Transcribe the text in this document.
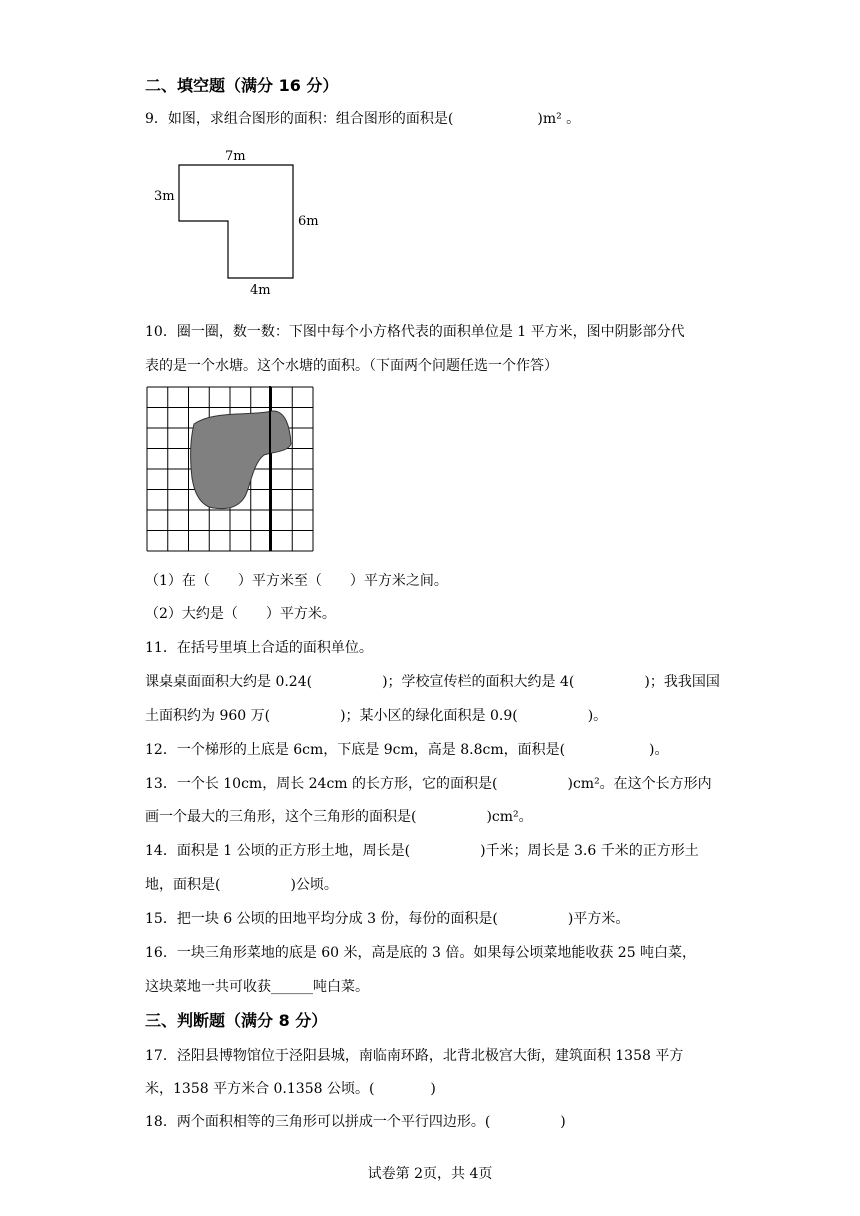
二、填空题（满分 16 分）
9．如图，求组合图形的面积：组合图形的面积是(　　　　　　)m² 。
7m
3m
6m
4m
10．圈一圈，数一数：下图中每个小方格代表的面积单位是 1 平方米，图中阴影部分代
表的是一个水塘。这个水塘的面积。（下面两个问题任选一个作答）
（1）在（　　）平方米至（　　）平方米之间。
（2）大约是（　　）平方米。
11．在括号里填上合适的面积单位。
课桌桌面面积大约是 0.24(　　　　　)；学校宣传栏的面积大约是 4(　　　　　)；我我国国
土面积约为 960 万(　　　　　)；某小区的绿化面积是 0.9(　　　　　)。
12．一个梯形的上底是 6cm，下底是 9cm，高是 8.8cm，面积是(　　　　　　)。
13．一个长 10cm，周长 24cm 的长方形，它的面积是(　　　　　)cm²。在这个长方形内
画一个最大的三角形，这个三角形的面积是(　　　　　)cm²。
14．面积是 1 公顷的正方形土地，周长是(　　　　　)千米；周长是 3.6 千米的正方形土
地，面积是(　　　　　)公顷。
15．把一块 6 公顷的田地平均分成 3 份，每份的面积是(　　　　　)平方米。
16．一块三角形菜地的底是 60 米，高是底的 3 倍。如果每公顷菜地能收获 25 吨白菜，
这块菜地一共可收获______吨白菜。
三、判断题（满分 8 分）
17．泾阳县博物馆位于泾阳县城，南临南环路，北背北极宫大街，建筑面积 1358 平方
米，1358 平方米合 0.1358 公顷。(　　　　)
18．两个面积相等的三角形可以拼成一个平行四边形。(　　　　　)
试卷第 2页，共 4页
